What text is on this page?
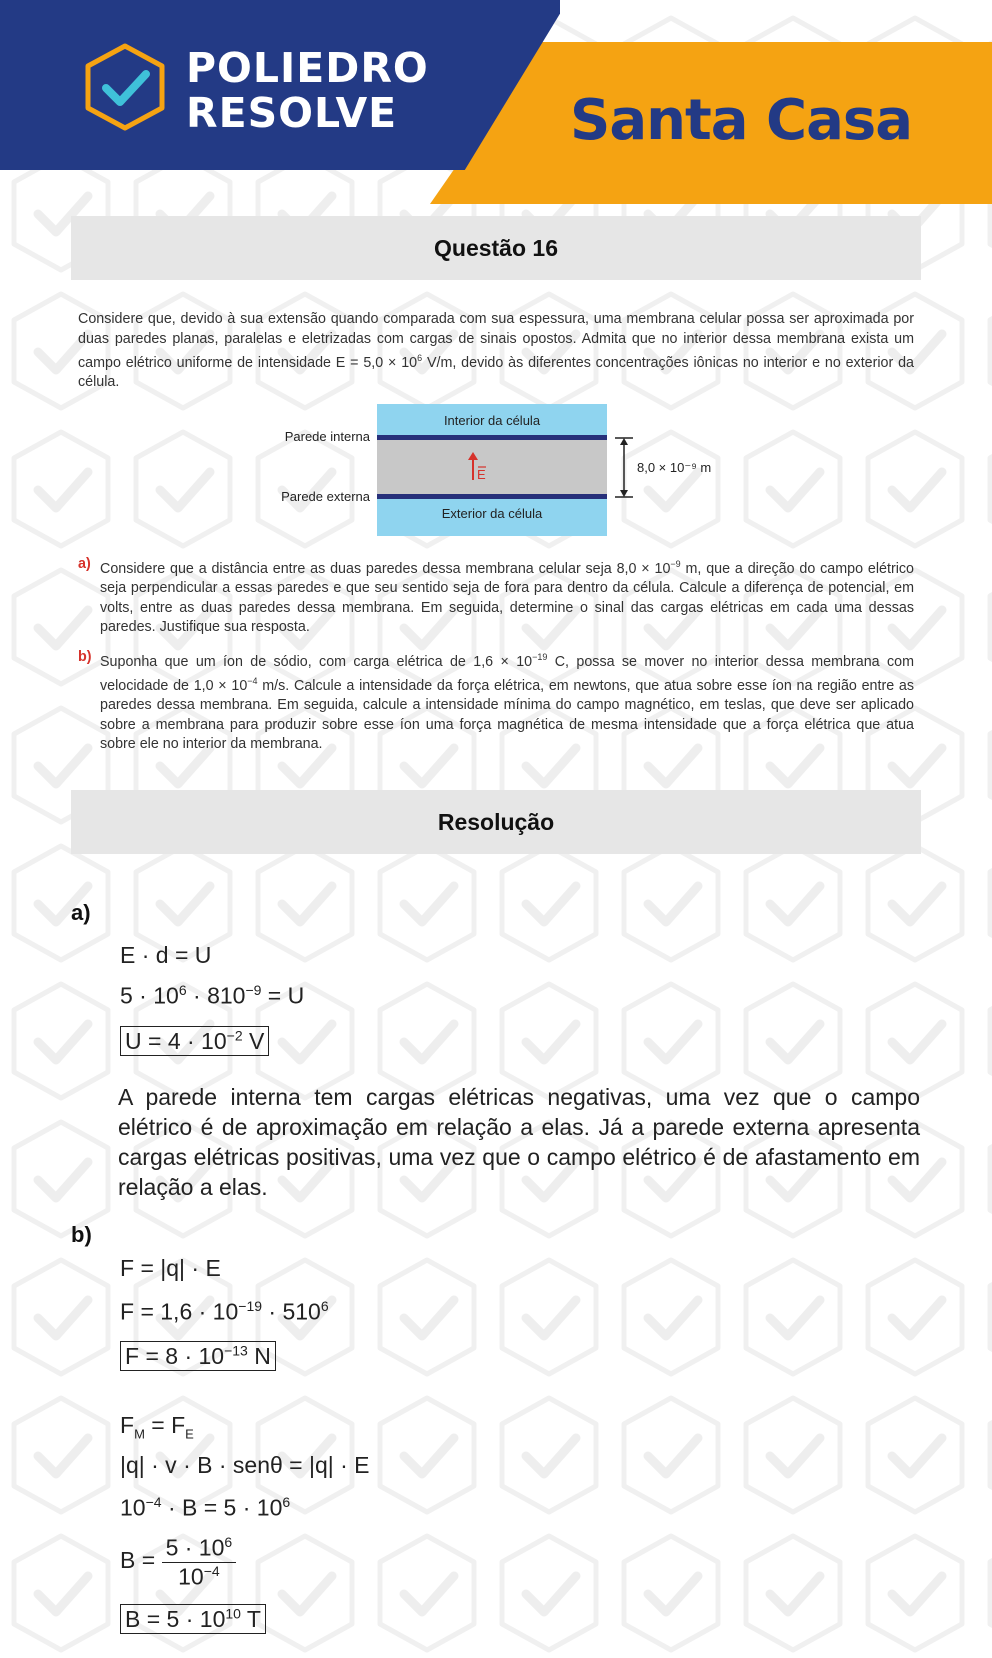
POLIEDRO
RESOLVE	Santa Casa
Questão 16
Considere que, devido à sua extensão quando comparada com sua espessura, uma membrana celular possa ser aproximada por duas paredes planas, paralelas e eletrizadas com cargas de sinais opostos. Admita que no interior dessa membrana exista um campo elétrico uniforme de intensidade $E = 5,0 \times 10^6$ V/m, devido às diferentes concentrações iônicas no interior e no exterior da célula.
Interior da célula
Exterior da célula
Parede interna
Parede externa
E	8,0 × 10⁻⁹ m
a) Considere que a distância entre as duas paredes dessa membrana celular seja $8,0 \times 10^{-9}$ m, que a direção do campo elétrico seja perpendicular a essas paredes e que seu sentido seja de fora para dentro da célula. Calcule a diferença de potencial, em volts, entre as duas paredes dessa membrana. Em seguida, determine o sinal das cargas elétricas em cada uma dessas paredes. Justifique sua resposta.
b) Suponha que um íon de sódio, com carga elétrica de $1,6 \times 10^{-19}$ C, possa se mover no interior dessa membrana com velocidade de $1,0 \times 10^{-4}$ m/s. Calcule a intensidade da força elétrica, em newtons, que atua sobre esse íon na região entre as paredes dessa membrana. Em seguida, calcule a intensidade mínima do campo magnético, em teslas, que deve ser aplicado sobre a membrana para produzir sobre esse íon uma força magnética de mesma intensidade que a força elétrica que atua sobre ele no interior da membrana.
Resolução
a)
E · d = U
$5 \cdot 10^6 \cdot 810^{-9} = U$
$U = 4 \cdot 10^{-2}$ V
A parede interna tem cargas elétricas negativas, uma vez que o campo elétrico é de aproximação em relação a elas. Já a parede externa apresenta cargas elétricas positivas, uma vez que o campo elétrico é de afastamento em relação a elas.
b)
F = |q| · E
$F = 1,6 \cdot 10^{-19} \cdot 510^6$
$F = 8 \cdot 10^{-13}$ N
$F_M = F_E$
|q| · v · B · senθ = |q| · E
$10^{-4} \cdot B = 5 \cdot 10^6$
$B = \frac{5 \cdot 10^6}{10^{-4}}$
$B = 5 \cdot 10^{10}$ T
